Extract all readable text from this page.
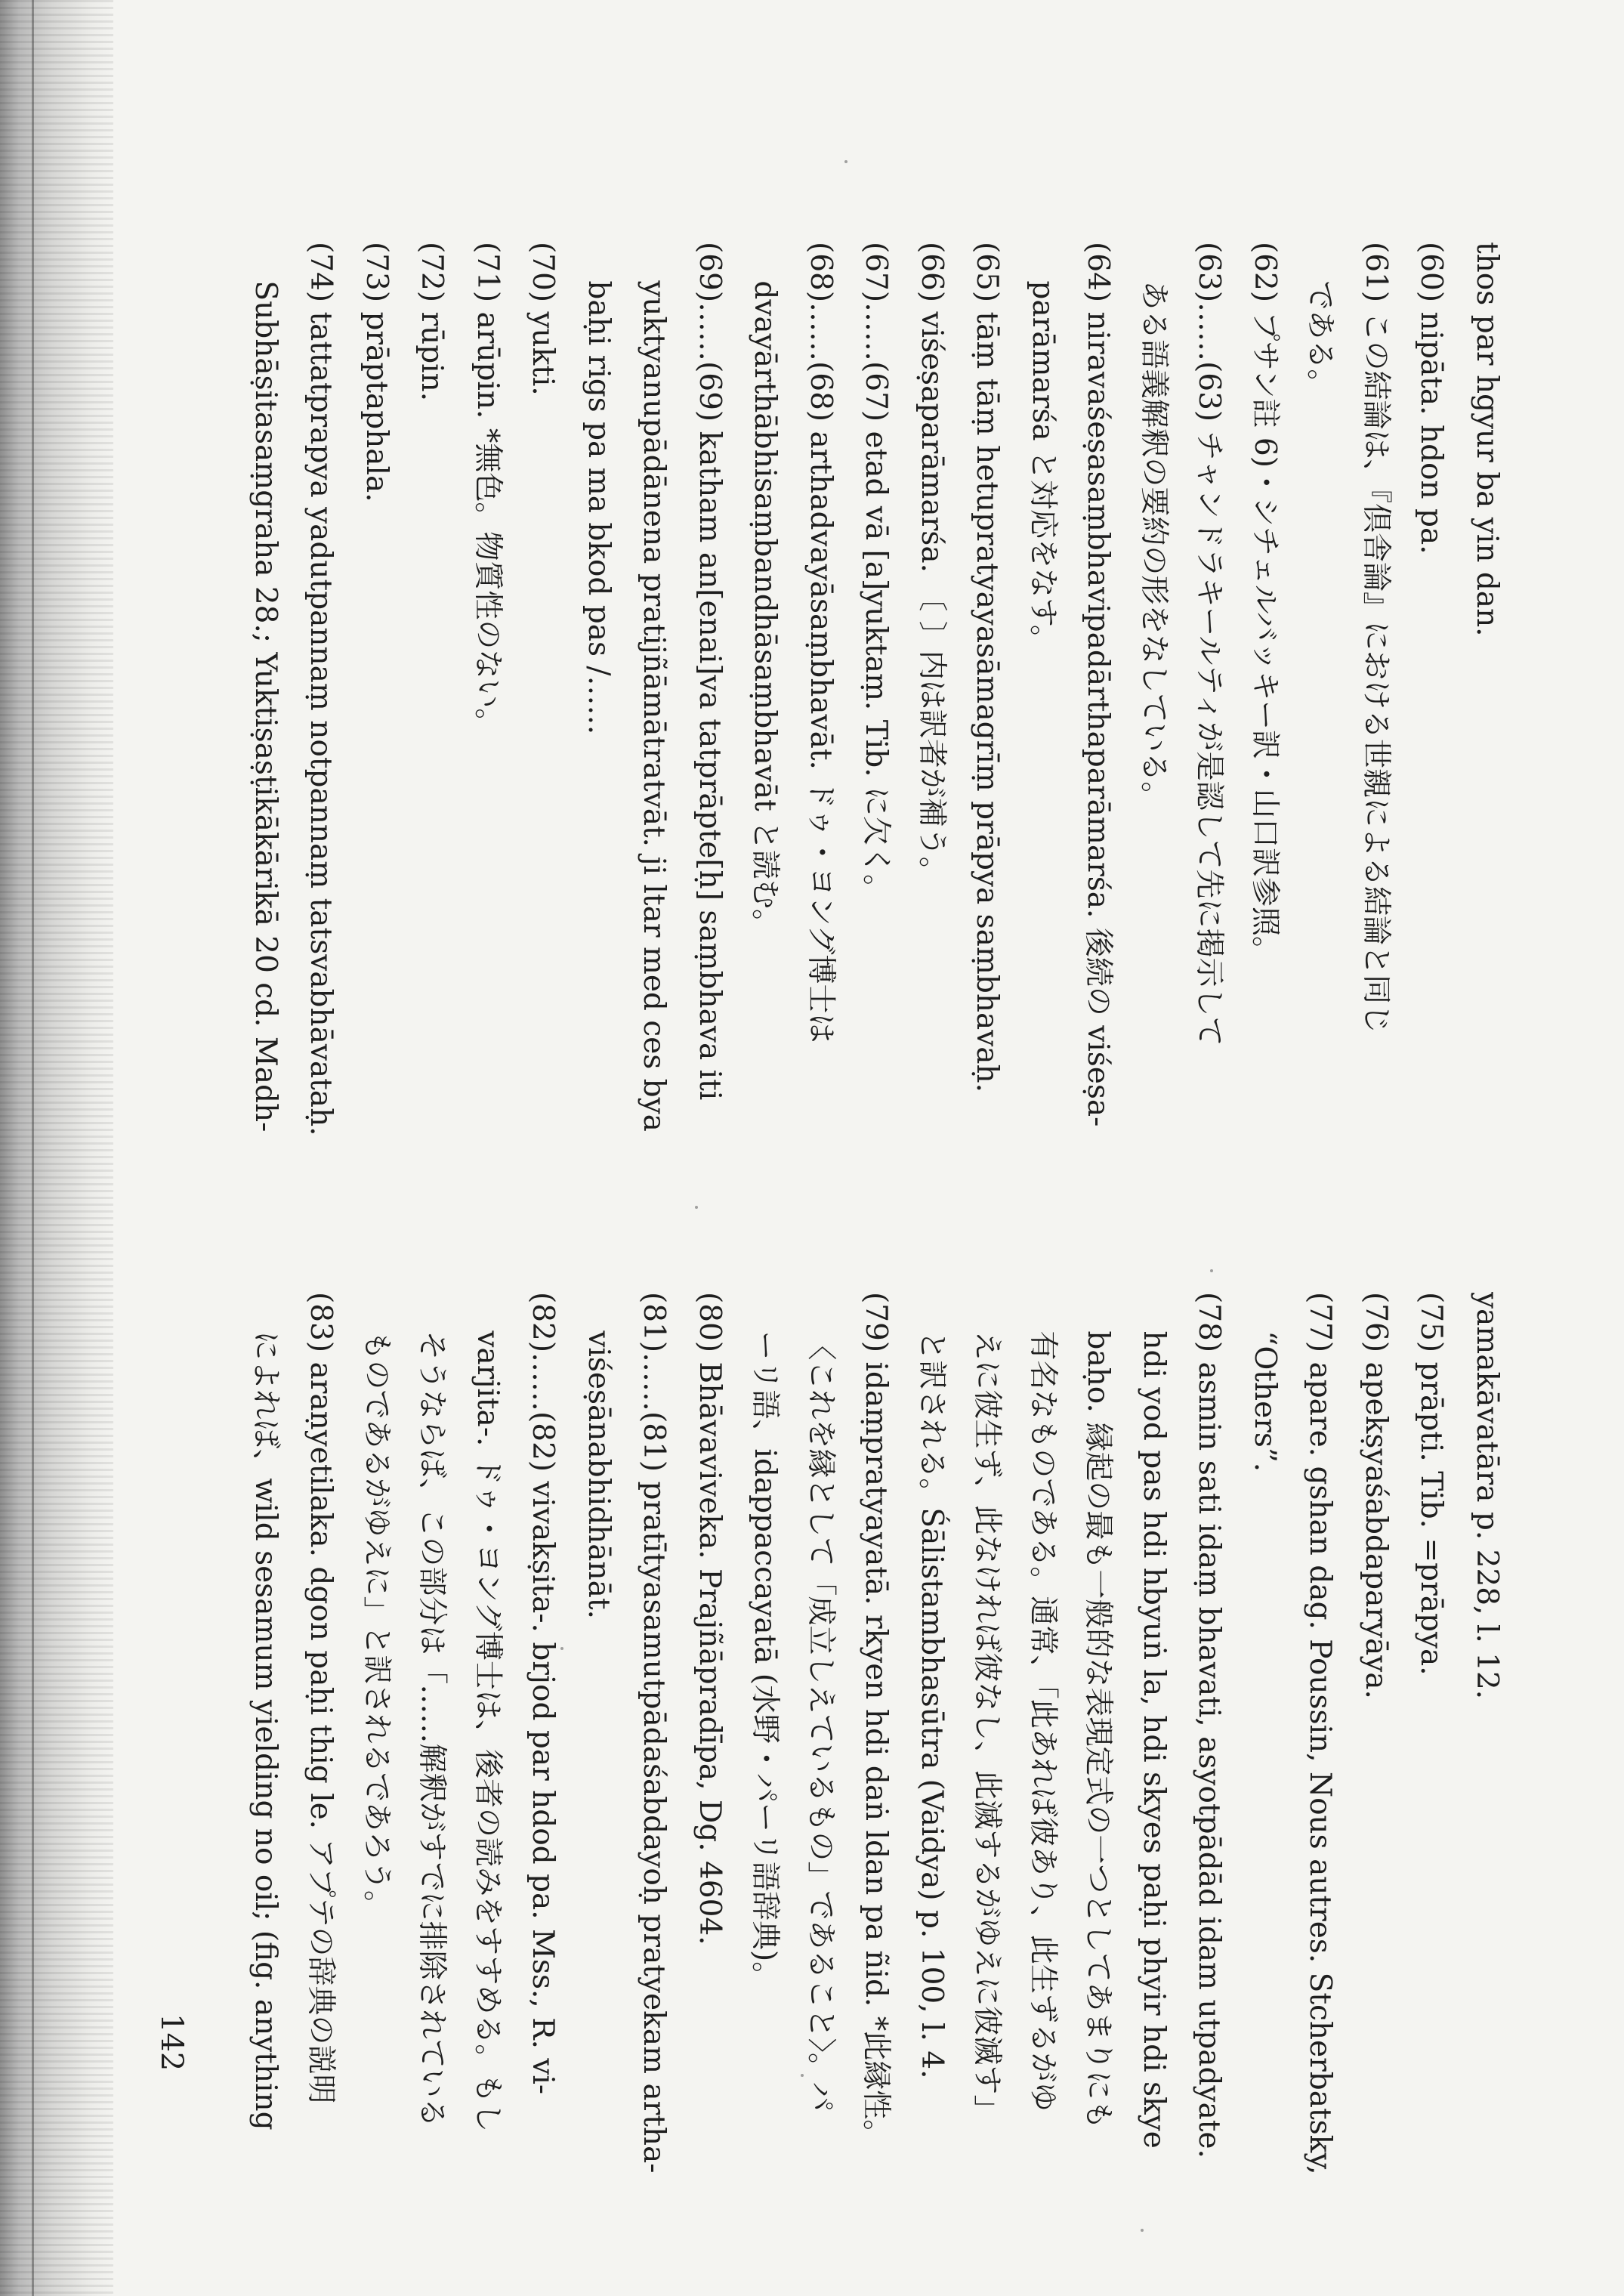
thos par hgyur ba yin dan.
(60) nipāta. hdon pa.
(61) この結論は、『倶舎論』における世親による結論と同じ
　 である。
(62) プサン註 6)・シチェルバッキー訳・山口訳参照。
(63)……(63) チャンドラキールティが是認して先に掲示して
　 ある語義解釈の要約の形をなしている。
(64) niravaśeṣasaṃbhavipadārthaparāmarśa. 後続の viśeṣa-
　 parāmarśa と対応をなす。
(65) tāṃ tāṃ hetupratyayasāmagrīṃ prāpya saṃbhavaḥ.
(66) viśeṣaparāmarśa. 〔 〕内は訳者が補う。
(67)……(67) etad vā [a]yuktaṃ. Tib. に欠く。
(68)……(68) arthadvayāsaṃbhavāt. ドゥ・ヨング博士は
　 dvayārthābhisaṃbandhāsaṃbhavāt と読む。
(69)……(69) katham an[enai]va tatprāpte[ḥ] saṃbhava iti
　 yuktyanupādānena pratijñāmātratvāt. ji ltar med ces bya
　 baḥi rigs pa ma bkod pas /……
(70) yukti.
(71) arūpin. *無色。物質性のない。
(72) rūpin.
(73) prāptaphala.
(74) tattatprapya yadutpannaṃ notpannaṃ tatsvabhāvataḥ.
　 Subhāṣitasaṃgraha 28.; Yuktiṣaṣṭikākārikā 20 cd. Madh-
yamakāvatāra p. 228, l. 12.
(75) prāpti. Tib. =prāpya.
(76) apekṣyaśabdaparyāya.
(77) apare. gshan dag. Poussin, Nous autres. Stcherbatsky,
　 “Others”.
(78) asmin sati idaṃ bhavati, asyotpādād idam utpadyate.
　 hdi yod pas hdi hbyuṅ la, hdi skyes paḥi phyir hdi skye
　 baḥo. 縁起の最も一般的な表現定式の一つとしてあまりにも
　 有名なものである。通常、「此あれば彼あり、此生ずるがゆ
　 えに彼生ず、此なければ彼なし、此滅するがゆえに彼滅す」
　 と訳される。Śālistambhasūtra (Vaidya) p. 100, l. 4.
(79) idaṃpratyayatā. rkyen hdi daṅ ldan pa ñid. *此縁性。
　 〈これを縁として「成立しえているもの」であること〉。パ
　 ーリ語、idappaccayatā (水野・パーリ語辞典)。
(80) Bhāvaviveka. Prajñāpradīpa, Dg. 4604.
(81)……(81) pratītyasamutpādaśabdayoḥ pratyekam artha-
　 viśeṣānabhidhānāt.
(82)……(82) vivakṣita-. brjod par hdod pa. Mss., R. vi-
　 varjita-. ドゥ・ヨング博士は、後者の読みをすすめる。もし
　 そうならば、この部分は「……解釈がすでに排除されている
　 ものであるがゆえに」と訳されるであろう。
(83) araṇyetilaka. dgon paḥi thig le. アプテの辞典の説明
　 によれば、wild sesamum yielding no oil; (fig. anything
142
